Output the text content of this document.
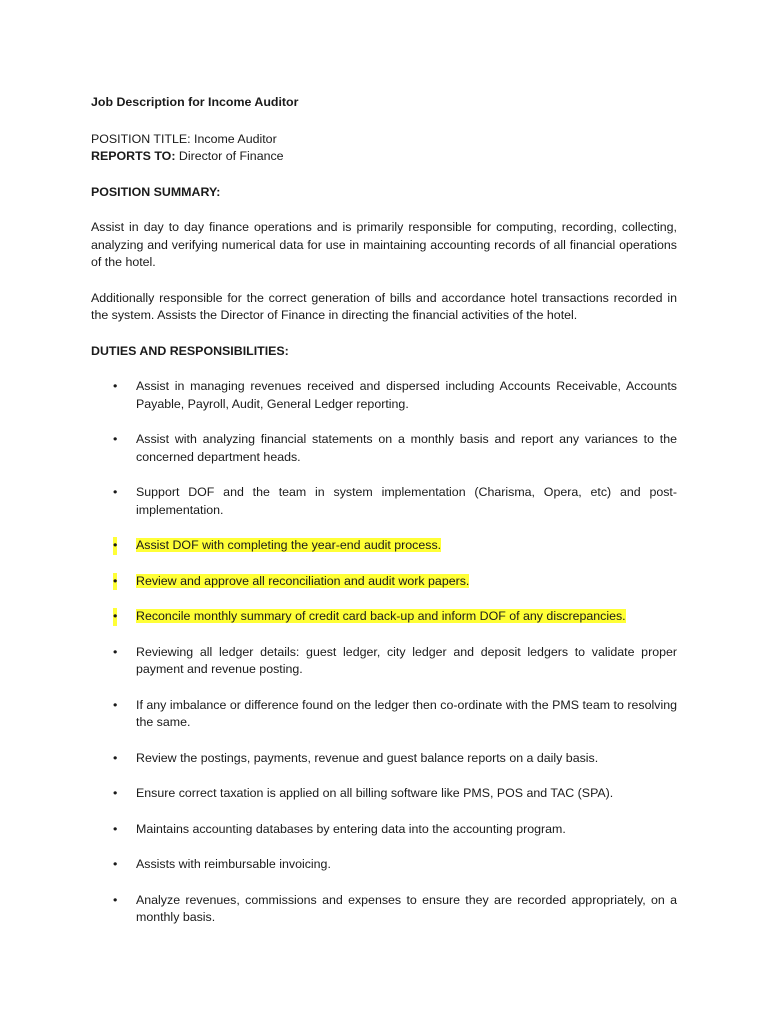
Job Description for Income Auditor

POSITION TITLE: Income Auditor

REPORTS TO: Director of Finance

POSITION SUMMARY:

Assist in day to day finance operations and is primarily responsible for computing, recording, collecting, analyzing and verifying numerical data for use in maintaining accounting records of all financial operations of the hotel.

Additionally responsible for the correct generation of bills and accordance hotel transactions recorded in the system. Assists the Director of Finance in directing the financial activities of the hotel.

DUTIES AND RESPONSIBILITIES:

• Assist in managing revenues received and dispersed including Accounts Receivable, Accounts Payable, Payroll, Audit, General Ledger reporting.
• Assist with analyzing financial statements on a monthly basis and report any variances to the concerned department heads.
• Support DOF and the team in system implementation (Charisma, Opera, etc) and post-implementation.
• Assist DOF with completing the year-end audit process.
• Review and approve all reconciliation and audit work papers.
• Reconcile monthly summary of credit card back-up and inform DOF of any discrepancies.
• Reviewing all ledger details: guest ledger, city ledger and deposit ledgers to validate proper payment and revenue posting.
• If any imbalance or difference found on the ledger then co-ordinate with the PMS team to resolving the same.
• Review the postings, payments, revenue and guest balance reports on a daily basis.
• Ensure correct taxation is applied on all billing software like PMS, POS and TAC (SPA).
• Maintains accounting databases by entering data into the accounting program.
• Assists with reimbursable invoicing.
• Analyze revenues, commissions and expenses to ensure they are recorded appropriately, on a monthly basis.
